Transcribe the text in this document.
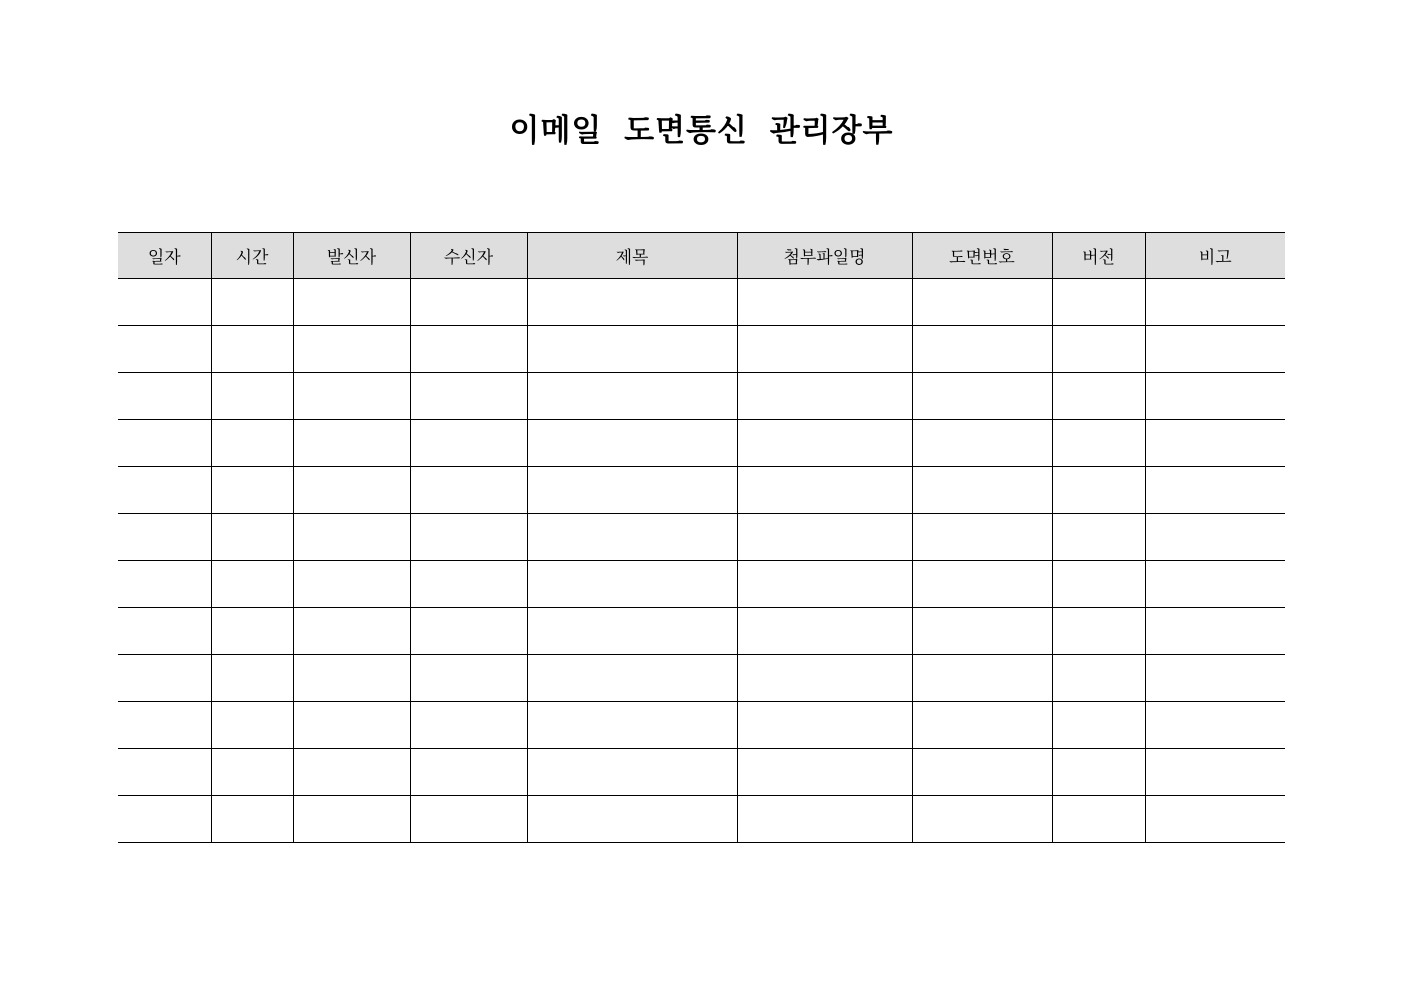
이메일 도면통신 관리장부
일자	시간	발신자	수신자	제목	첨부파일명	도면번호	버전	비고
